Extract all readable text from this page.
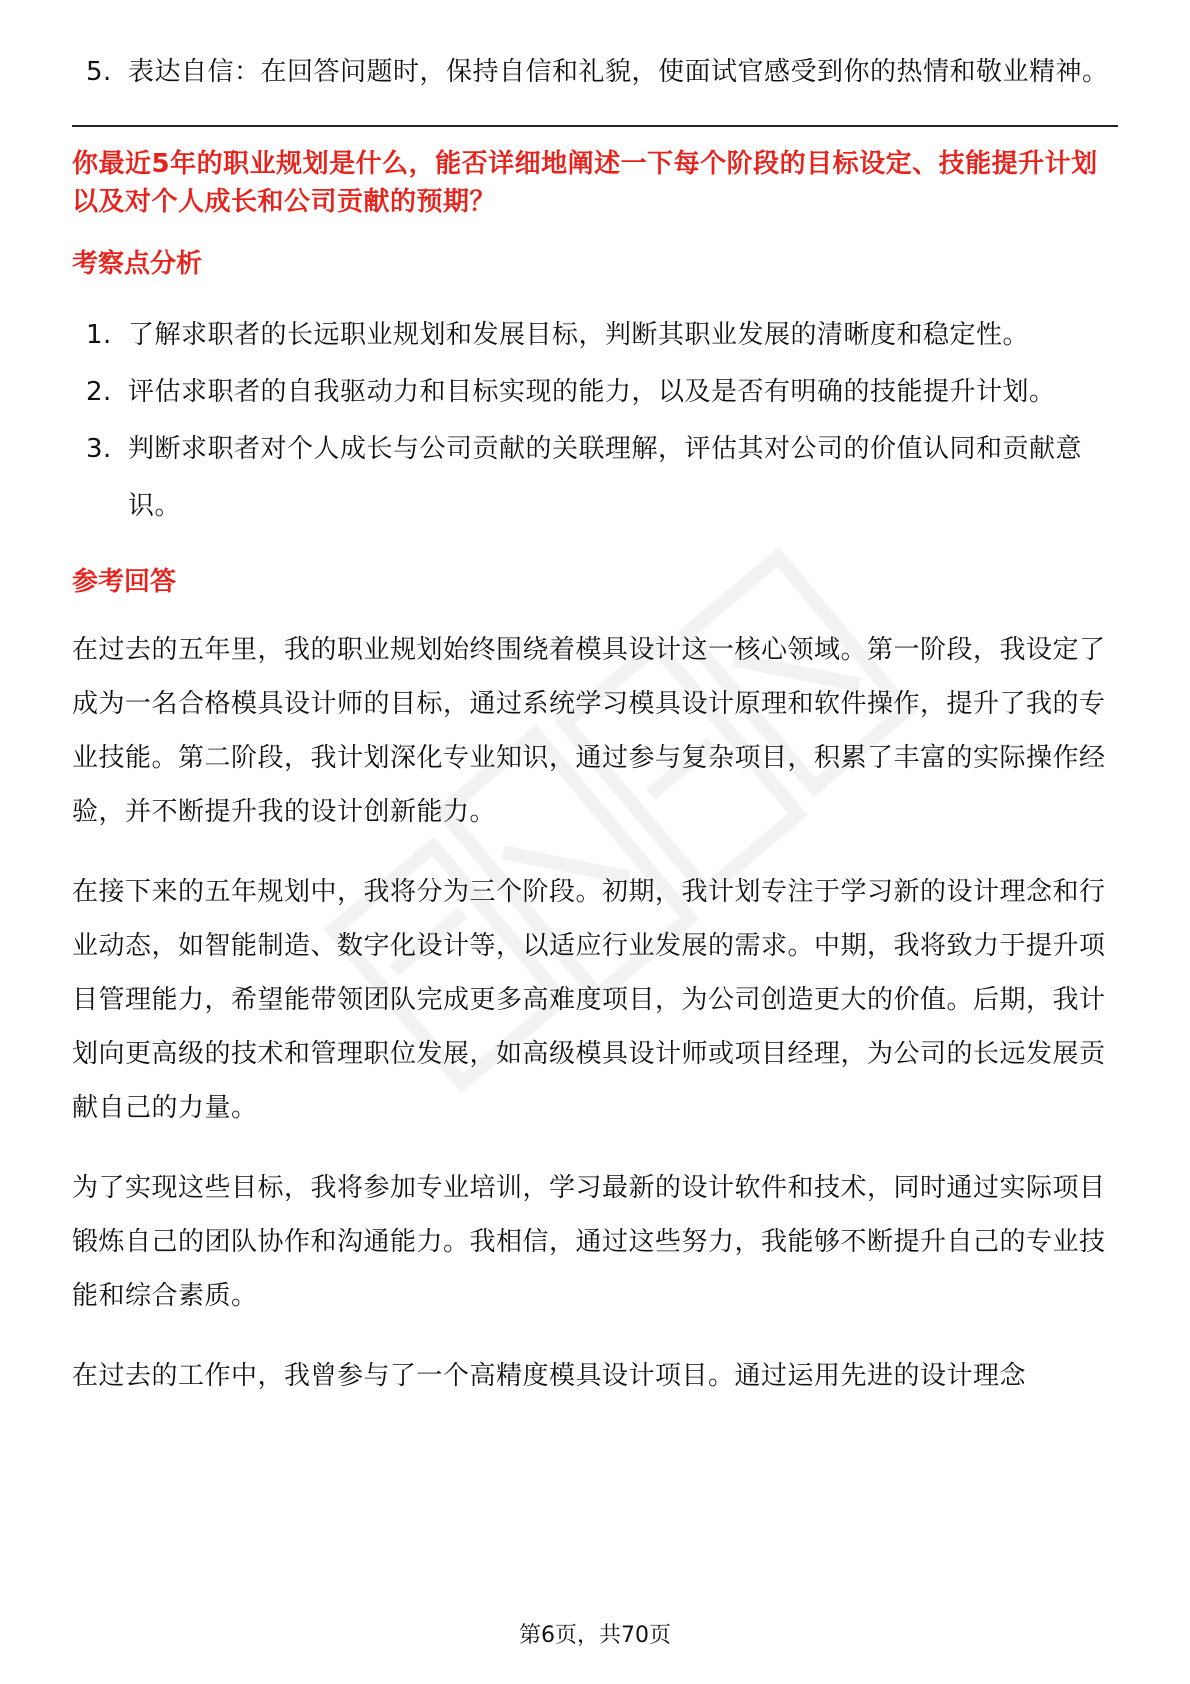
5. 表达自信：在回答问题时，保持自信和礼貌，使面试官感受到你的热情和敬业精神。
你最近5年的职业规划是什么，能否详细地阐述一下每个阶段的目标设定、技能提升计划以及对个人成长和公司贡献的预期？
考察点分析
1. 了解求职者的长远职业规划和发展目标，判断其职业发展的清晰度和稳定性。
2. 评估求职者的自我驱动力和目标实现的能力，以及是否有明确的技能提升计划。
3. 判断求职者对个人成长与公司贡献的关联理解，评估其对公司的价值认同和贡献意识。
参考回答

在过去的五年里，我的职业规划始终围绕着模具设计这一核心领域。第一阶段，我设定了成为一名合格模具设计师的目标，通过系统学习模具设计原理和软件操作，提升了我的专业技能。第二阶段，我计划深化专业知识，通过参与复杂项目，积累了丰富的实际操作经验，并不断提升我的设计创新能力。

在接下来的五年规划中，我将分为三个阶段。初期，我计划专注于学习新的设计理念和行业动态，如智能制造、数字化设计等，以适应行业发展的需求。中期，我将致力于提升项目管理能力，希望能带领团队完成更多高难度项目，为公司创造更大的价值。后期，我计划向更高级的技术和管理职位发展，如高级模具设计师或项目经理，为公司的长远发展贡献自己的力量。

为了实现这些目标，我将参加专业培训，学习最新的设计软件和技术，同时通过实际项目锻炼自己的团队协作和沟通能力。我相信，通过这些努力，我能够不断提升自己的专业技能和综合素质。

在过去的工作中，我曾参与了一个高精度模具设计项目。通过运用先进的设计理念

第6页，共70页
